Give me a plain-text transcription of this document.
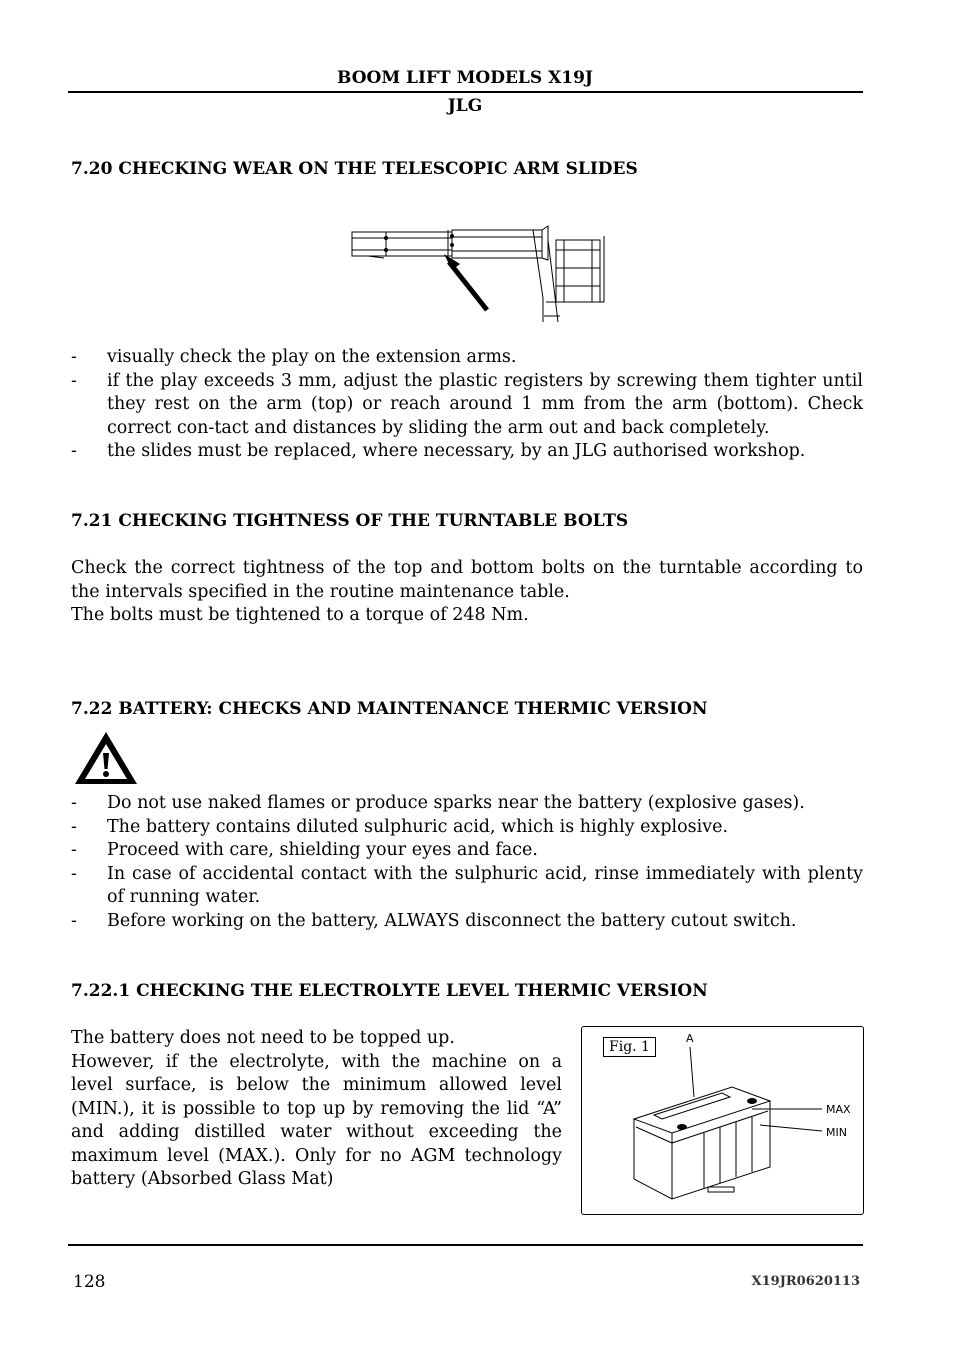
BOOM LIFT MODELS X19J
JLG
7.20 CHECKING WEAR ON THE TELESCOPIC ARM SLIDES
- visually check the play on the extension arms.
- if the play exceeds 3 mm, adjust the plastic registers by screwing them tighter until they rest on the arm (top) or reach around 1 mm from the arm (bottom). Check correct con-tact and distances by sliding the arm out and back completely.
- the slides must be replaced, where necessary, by an JLG authorised workshop.
7.21 CHECKING TIGHTNESS OF THE TURNTABLE BOLTS

Check the correct tightness of the top and bottom bolts on the turntable according to the intervals specified in the routine maintenance table.

The bolts must be tightened to a torque of 248 Nm.

7.22 BATTERY: CHECKS AND MAINTENANCE THERMIC VERSION
- Do not use naked flames or produce sparks near the battery (explosive gases).
- The battery contains diluted sulphuric acid, which is highly explosive.
- Proceed with care, shielding your eyes and face.
- In case of accidental contact with the sulphuric acid, rinse immediately with plenty of running water.
- Before working on the battery, ALWAYS disconnect the battery cutout switch.
7.22.1 CHECKING THE ELECTROLYTE LEVEL THERMIC VERSION

The battery does not need to be topped up.

However, if the electrolyte, with the machine on a level surface, is below the minimum allowed level (MIN.), it is possible to top up by removing the lid “A” and adding distilled water without exceeding the maximum level (MAX.). Only for no AGM technology battery (Absorbed Glass Mat)

Fig. 1
A
MAX
MIN
128	X19JR0620113
